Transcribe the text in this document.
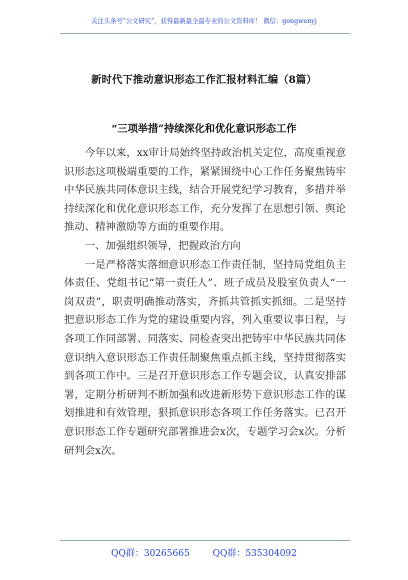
关注头条号“公文研究”，获得最新最全最专业的公文资料库！ 微信：gongwenyj
新时代下推动意识形态工作汇报材料汇编（8篇）
“三项举措”持续深化和优化意识形态工作

今年以来，xx审计局始终坚持政治机关定位，高度重视意识形态这项极端重要的工作，紧紧围绕中心工作任务聚焦铸牢中华民族共同体意识主线，结合开展党纪学习教育，多措并举持续深化和优化意识形态工作，充分发挥了在思想引领、舆论推动、精神激励等方面的重要作用。

一、加强组织领导，把握政治方向

一是严格落实落细意识形态工作责任制，坚持局党组负主体责任、党组书记“第一责任人”、班子成员及股室负责人“一岗双责”，职责明确推动落实，齐抓共管抓实抓细。二是坚持把意识形态工作为党的建设重要内容，列入重要议事日程，与各项工作同部署、同落实、同检查突出把铸牢中华民族共同体意识纳入意识形态工作责任制聚焦重点抓主线，坚持贯彻落实到各项工作中。三是召开意识形态工作专题会议，认真安排部署，定期分析研判不断加强和改进新形势下意识形态工作的谋划推进和有效管理，狠抓意识形态各项工作任务落实。已召开意识形态工作专题研究部署推进会x次，专题学习会x次。分析研判会x次。

QQ群：30265665        QQ群：535304092
